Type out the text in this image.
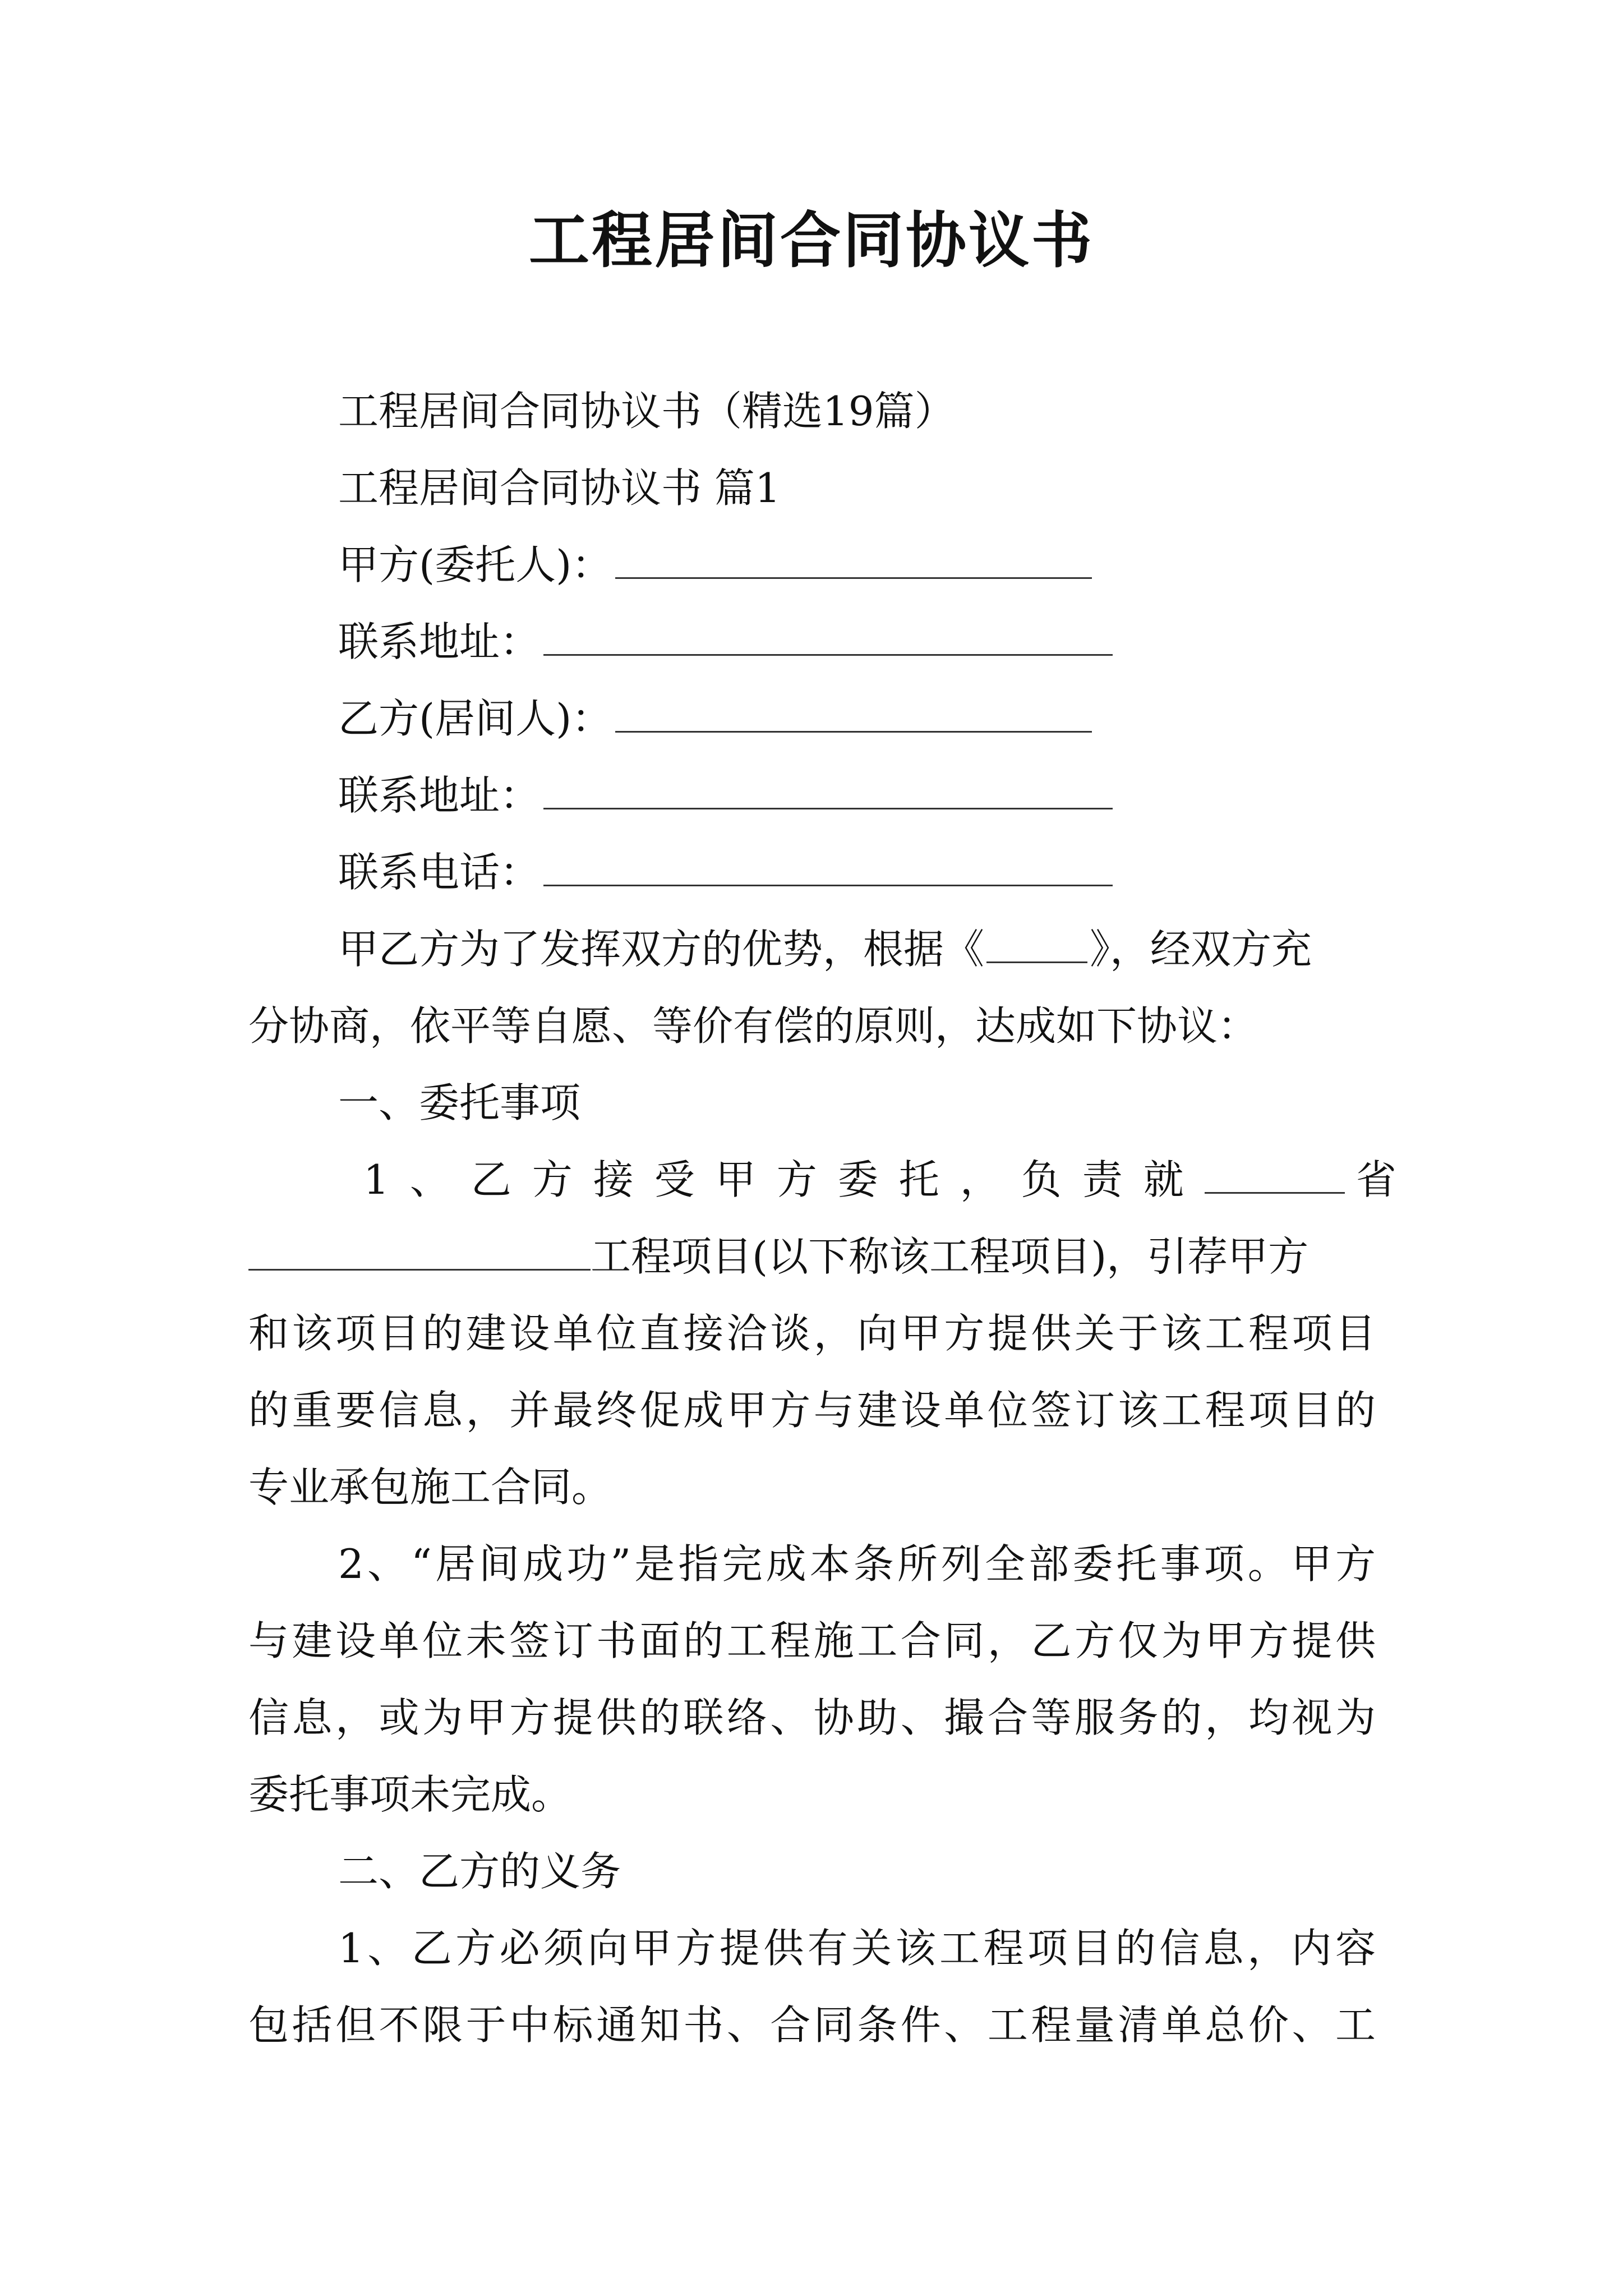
工程居间合同协议书
工程居间合同协议书（精选19篇）
工程居间合同协议书 篇1
甲方(委托人)：
联系地址：
乙方(居间人)：
联系地址：
联系电话：
甲乙方为了发挥双方的优势，根据《	》，经双方充
分协商，依平等自愿、等价有偿的原则，达成如下协议：
一、委托事项
1、乙方接受甲方委托，负责就	省
工程项目(以下称该工程项目)，引荐甲方
和该项目的建设单位直接洽谈，向甲方提供关于该工程项目
的重要信息，并最终促成甲方与建设单位签订该工程项目的
专业承包施工合同。
2、“居间成功”是指完成本条所列全部委托事项。甲方
与建设单位未签订书面的工程施工合同，乙方仅为甲方提供
信息，或为甲方提供的联络、协助、撮合等服务的，均视为
委托事项未完成。
二、乙方的义务
1、乙方必须向甲方提供有关该工程项目的信息，内容
包括但不限于中标通知书、合同条件、工程量清单总价、工
